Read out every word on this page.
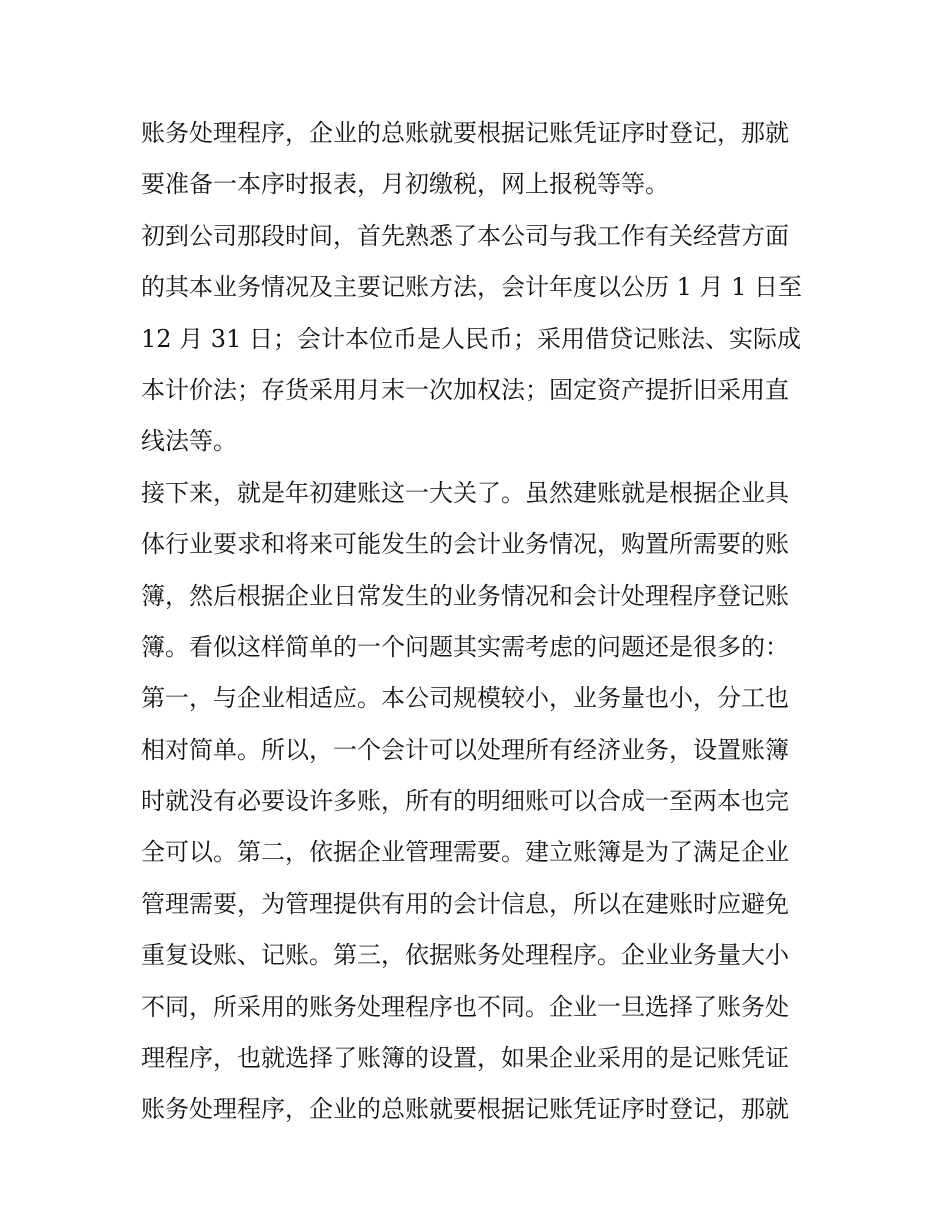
账务处理程序，企业的总账就要根据记账凭证序时登记，那就
要准备一本序时报表，月初缴税，网上报税等等。
初到公司那段时间，首先熟悉了本公司与我工作有关经营方面
的其本业务情况及主要记账方法，会计年度以公历 1 月 1 日至
12 月 31 日；会计本位币是人民币；采用借贷记账法、实际成
本计价法；存货采用月末一次加权法；固定资产提折旧采用直
线法等。
接下来，就是年初建账这一大关了。虽然建账就是根据企业具
体行业要求和将来可能发生的会计业务情况，购置所需要的账
簿，然后根据企业日常发生的业务情况和会计处理程序登记账
簿。看似这样简单的一个问题其实需考虑的问题还是很多的：
第一，与企业相适应。本公司规模较小，业务量也小，分工也
相对简单。所以，一个会计可以处理所有经济业务，设置账簿
时就没有必要设许多账，所有的明细账可以合成一至两本也完
全可以。第二，依据企业管理需要。建立账簿是为了满足企业
管理需要，为管理提供有用的会计信息，所以在建账时应避免
重复设账、记账。第三，依据账务处理程序。企业业务量大小
不同，所采用的账务处理程序也不同。企业一旦选择了账务处
理程序，也就选择了账簿的设置，如果企业采用的是记账凭证
账务处理程序，企业的总账就要根据记账凭证序时登记，那就
